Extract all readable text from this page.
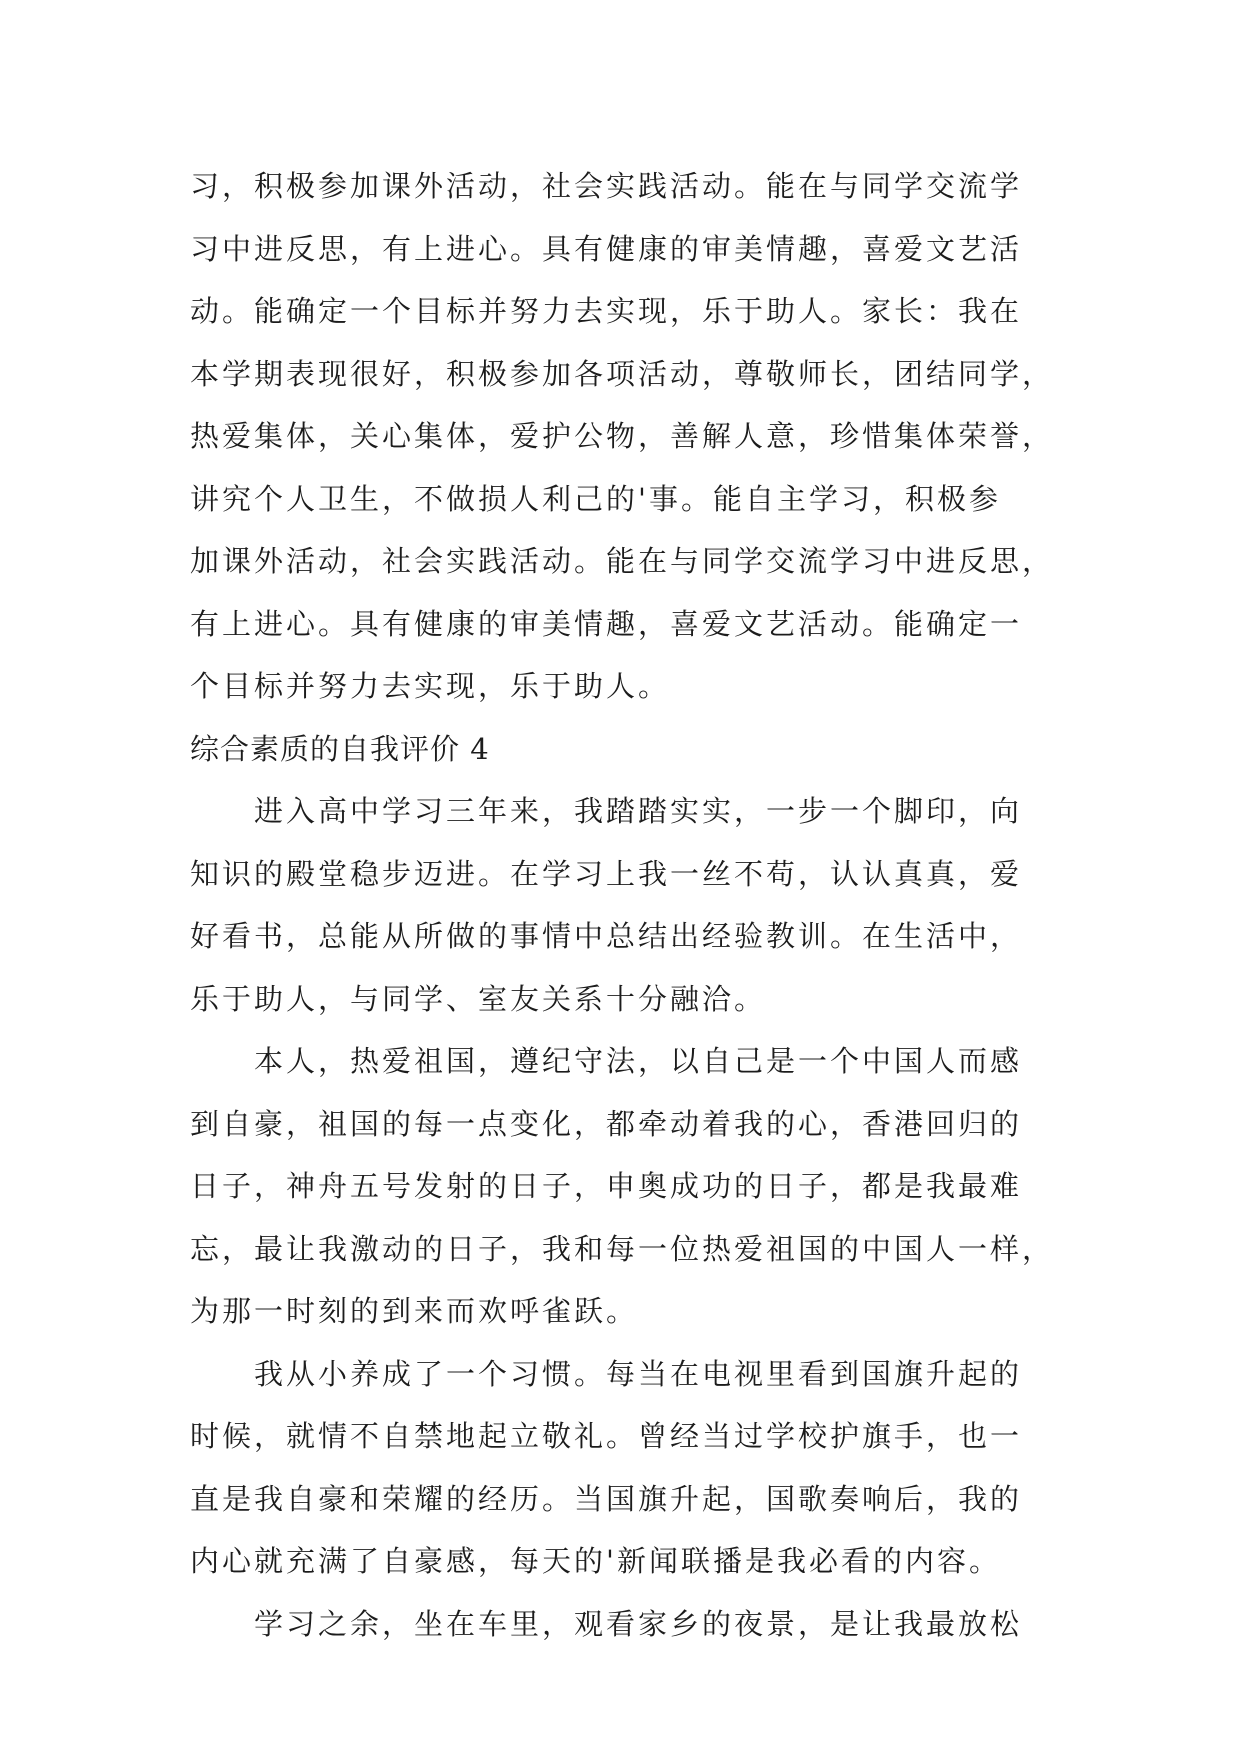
习，积极参加课外活动，社会实践活动。能在与同学交流学
习中进反思，有上进心。具有健康的审美情趣，喜爱文艺活
动。能确定一个目标并努力去实现，乐于助人。家长：我在
本学期表现很好，积极参加各项活动，尊敬师长，团结同学，
热爱集体，关心集体，爱护公物，善解人意，珍惜集体荣誉，
讲究个人卫生，不做损人利己的'事。能自主学习，积极参
加课外活动，社会实践活动。能在与同学交流学习中进反思，
有上进心。具有健康的审美情趣，喜爱文艺活动。能确定一
个目标并努力去实现，乐于助人。
综合素质的自我评价 4
进入高中学习三年来，我踏踏实实，一步一个脚印，向
知识的殿堂稳步迈进。在学习上我一丝不苟，认认真真，爱
好看书，总能从所做的事情中总结出经验教训。在生活中，
乐于助人，与同学、室友关系十分融洽。
本人，热爱祖国，遵纪守法，以自己是一个中国人而感
到自豪，祖国的每一点变化，都牵动着我的心，香港回归的
日子，神舟五号发射的日子，申奥成功的日子，都是我最难
忘，最让我激动的日子，我和每一位热爱祖国的中国人一样，
为那一时刻的到来而欢呼雀跃。
我从小养成了一个习惯。每当在电视里看到国旗升起的
时候，就情不自禁地起立敬礼。曾经当过学校护旗手，也一
直是我自豪和荣耀的经历。当国旗升起，国歌奏响后，我的
内心就充满了自豪感，每天的'新闻联播是我必看的内容。
学习之余，坐在车里，观看家乡的夜景，是让我最放松
